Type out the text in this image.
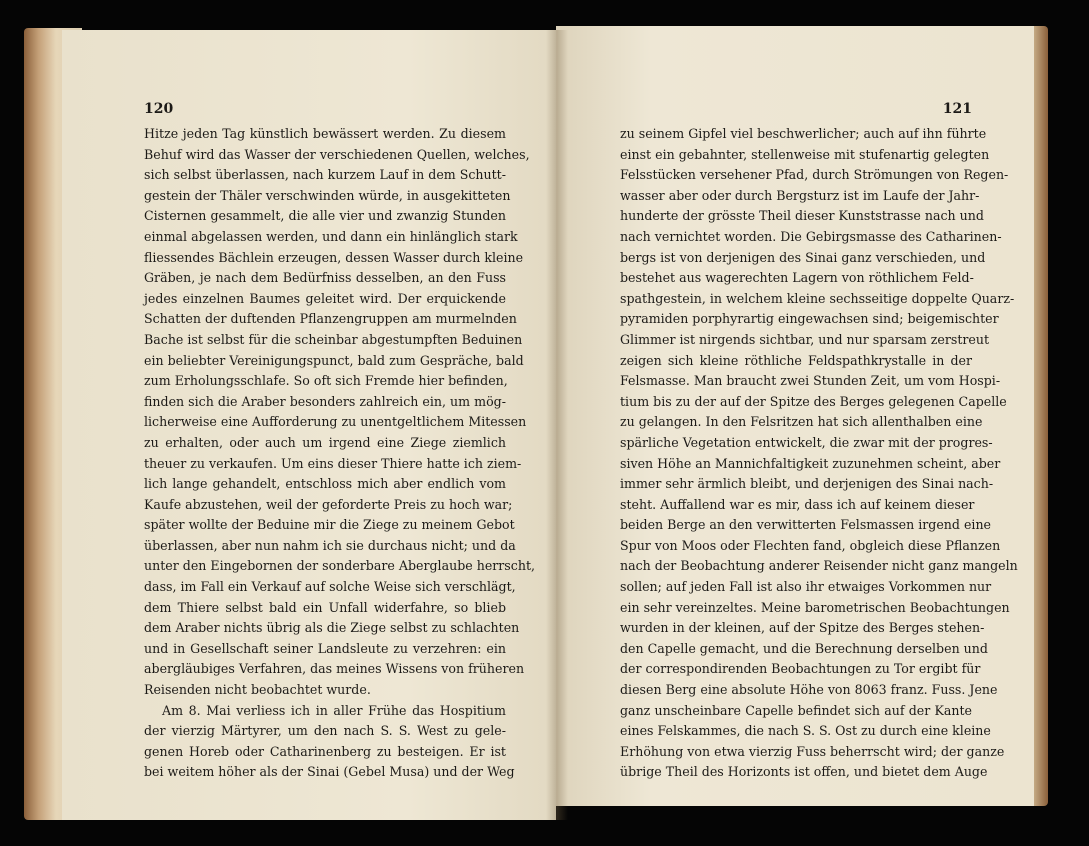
120
Hitze jeden Tag künstlich bewässert werden. Zu diesem
Behuf wird das Wasser der verschiedenen Quellen, welches,
sich selbst überlassen, nach kurzem Lauf in dem Schutt-
gestein der Thäler verschwinden würde, in ausgekitteten
Cisternen gesammelt, die alle vier und zwanzig Stunden
einmal abgelassen werden, und dann ein hinlänglich stark
fliessendes Bächlein erzeugen, dessen Wasser durch kleine
Gräben, je nach dem Bedürfniss desselben, an den Fuss
jedes einzelnen Baumes geleitet wird. Der erquickende
Schatten der duftenden Pflanzengruppen am murmelnden
Bache ist selbst für die scheinbar abgestumpften Beduinen
ein beliebter Vereinigungspunct, bald zum Gespräche, bald
zum Erholungsschlafe. So oft sich Fremde hier befinden,
finden sich die Araber besonders zahlreich ein, um mög-
licherweise eine Aufforderung zu unentgeltlichem Mitessen
zu erhalten, oder auch um irgend eine Ziege ziemlich
theuer zu verkaufen. Um eins dieser Thiere hatte ich ziem-
lich lange gehandelt, entschloss mich aber endlich vom
Kaufe abzustehen, weil der geforderte Preis zu hoch war;
später wollte der Beduine mir die Ziege zu meinem Gebot
überlassen, aber nun nahm ich sie durchaus nicht; und da
unter den Eingebornen der sonderbare Aberglaube herrscht,
dass, im Fall ein Verkauf auf solche Weise sich verschlägt,
dem Thiere selbst bald ein Unfall widerfahre, so blieb
dem Araber nichts übrig als die Ziege selbst zu schlachten
und in Gesellschaft seiner Landsleute zu verzehren: ein
abergläubiges Verfahren, das meines Wissens von früheren
Reisenden nicht beobachtet wurde.
Am 8. Mai verliess ich in aller Frühe das Hospitium
der vierzig Märtyrer, um den nach S. S. West zu gele-
genen Horeb oder Catharinenberg zu besteigen. Er ist
bei weitem höher als der Sinai (Gebel Musa) und der Weg
121
zu seinem Gipfel viel beschwerlicher; auch auf ihn führte
einst ein gebahnter, stellenweise mit stufenartig gelegten
Felsstücken versehener Pfad, durch Strömungen von Regen-
wasser aber oder durch Bergsturz ist im Laufe der Jahr-
hunderte der grösste Theil dieser Kunststrasse nach und
nach vernichtet worden. Die Gebirgsmasse des Catharinen-
bergs ist von derjenigen des Sinai ganz verschieden, und
bestehet aus wagerechten Lagern von röthlichem Feld-
spathgestein, in welchem kleine sechsseitige doppelte Quarz-
pyramiden porphyrartig eingewachsen sind; beigemischter
Glimmer ist nirgends sichtbar, und nur sparsam zerstreut
zeigen sich kleine röthliche Feldspathkrystalle in der
Felsmasse. Man braucht zwei Stunden Zeit, um vom Hospi-
tium bis zu der auf der Spitze des Berges gelegenen Capelle
zu gelangen. In den Felsritzen hat sich allenthalben eine
spärliche Vegetation entwickelt, die zwar mit der progres-
siven Höhe an Mannichfaltigkeit zuzunehmen scheint, aber
immer sehr ärmlich bleibt, und derjenigen des Sinai nach-
steht. Auffallend war es mir, dass ich auf keinem dieser
beiden Berge an den verwitterten Felsmassen irgend eine
Spur von Moos oder Flechten fand, obgleich diese Pflanzen
nach der Beobachtung anderer Reisender nicht ganz mangeln
sollen; auf jeden Fall ist also ihr etwaiges Vorkommen nur
ein sehr vereinzeltes. Meine barometrischen Beobachtungen
wurden in der kleinen, auf der Spitze des Berges stehen-
den Capelle gemacht, und die Berechnung derselben und
der correspondirenden Beobachtungen zu Tor ergibt für
diesen Berg eine absolute Höhe von 8063 franz. Fuss. Jene
ganz unscheinbare Capelle befindet sich auf der Kante
eines Felskammes, die nach S. S. Ost zu durch eine kleine
Erhöhung von etwa vierzig Fuss beherrscht wird; der ganze
übrige Theil des Horizonts ist offen, und bietet dem Auge
